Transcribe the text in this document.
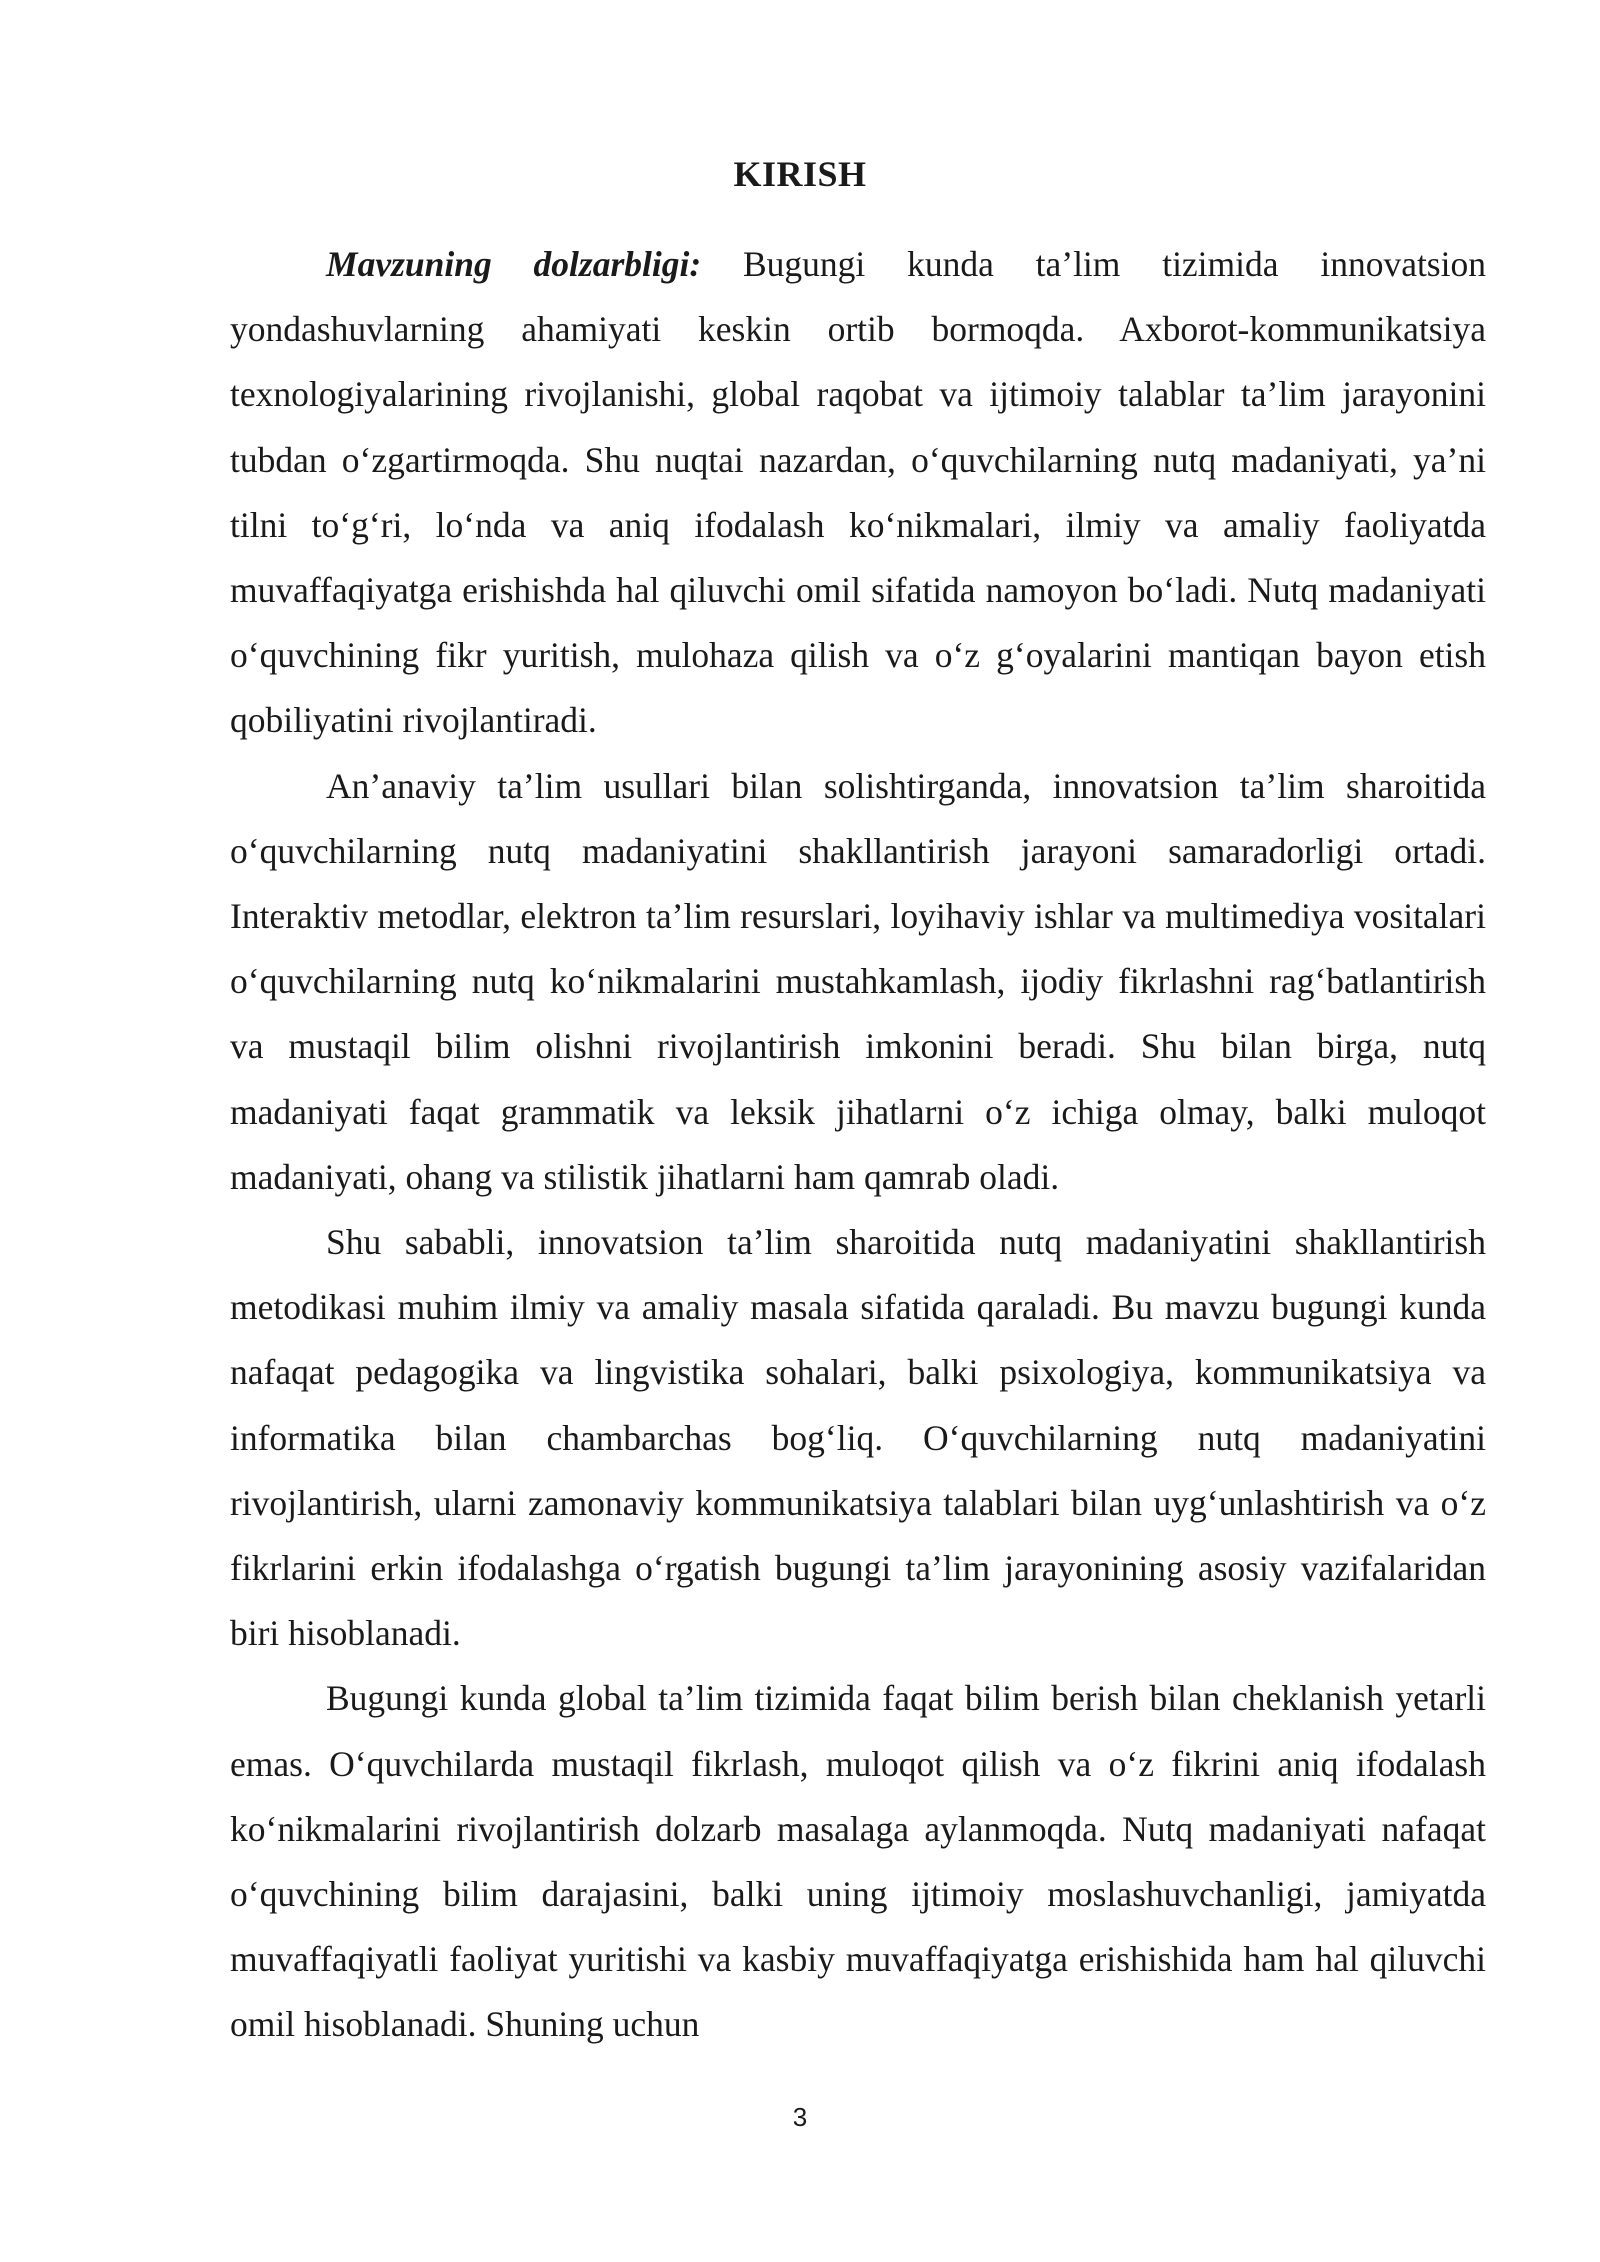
KIRISH

Mavzuning dolzarbligi: Bugungi kunda ta’lim tizimida innovatsion yondashuvlarning ahamiyati keskin ortib bormoqda. Axborot-kommunikatsiya texnologiyalarining rivojlanishi, global raqobat va ijtimoiy talablar ta’lim jarayonini tubdan o‘zgartirmoqda. Shu nuqtai nazardan, o‘quvchilarning nutq madaniyati, ya’ni tilni to‘g‘ri, lo‘nda va aniq ifodalash ko‘nikmalari, ilmiy va amaliy faoliyatda muvaffaqiyatga erishishda hal qiluvchi omil sifatida namoyon bo‘ladi. Nutq madaniyati o‘quvchining fikr yuritish, mulohaza qilish va o‘z g‘oyalarini mantiqan bayon etish qobiliyatini rivojlantiradi.

An’anaviy ta’lim usullari bilan solishtirganda, innovatsion ta’lim sharoitida o‘quvchilarning nutq madaniyatini shakllantirish jarayoni samaradorligi ortadi. Interaktiv metodlar, elektron ta’lim resurslari, loyihaviy ishlar va multimediya vositalari o‘quvchilarning nutq ko‘nikmalarini mustahkamlash, ijodiy fikrlashni rag‘batlantirish va mustaqil bilim olishni rivojlantirish imkonini beradi. Shu bilan birga, nutq madaniyati faqat grammatik va leksik jihatlarni o‘z ichiga olmay, balki muloqot madaniyati, ohang va stilistik jihatlarni ham qamrab oladi.

Shu sababli, innovatsion ta’lim sharoitida nutq madaniyatini shakllantirish metodikasi muhim ilmiy va amaliy masala sifatida qaraladi. Bu mavzu bugungi kunda nafaqat pedagogika va lingvistika sohalari, balki psixologiya, kommunikatsiya va informatika bilan chambarchas bog‘liq. O‘quvchilarning nutq madaniyatini rivojlantirish, ularni zamonaviy kommunikatsiya talablari bilan uyg‘unlashtirish va o‘z fikrlarini erkin ifodalashga o‘rgatish bugungi ta’lim jarayonining asosiy vazifalaridan biri hisoblanadi.

Bugungi kunda global ta’lim tizimida faqat bilim berish bilan cheklanish yetarli emas. O‘quvchilarda mustaqil fikrlash, muloqot qilish va o‘z fikrini aniq ifodalash ko‘nikmalarini rivojlantirish dolzarb masalaga aylanmoqda. Nutq madaniyati nafaqat o‘quvchining bilim darajasini, balki uning ijtimoiy moslashuvchanligi, jamiyatda muvaffaqiyatli faoliyat yuritishi va kasbiy muvaffaqiyatga erishishida ham hal qiluvchi omil hisoblanadi. Shuning uchun

3
